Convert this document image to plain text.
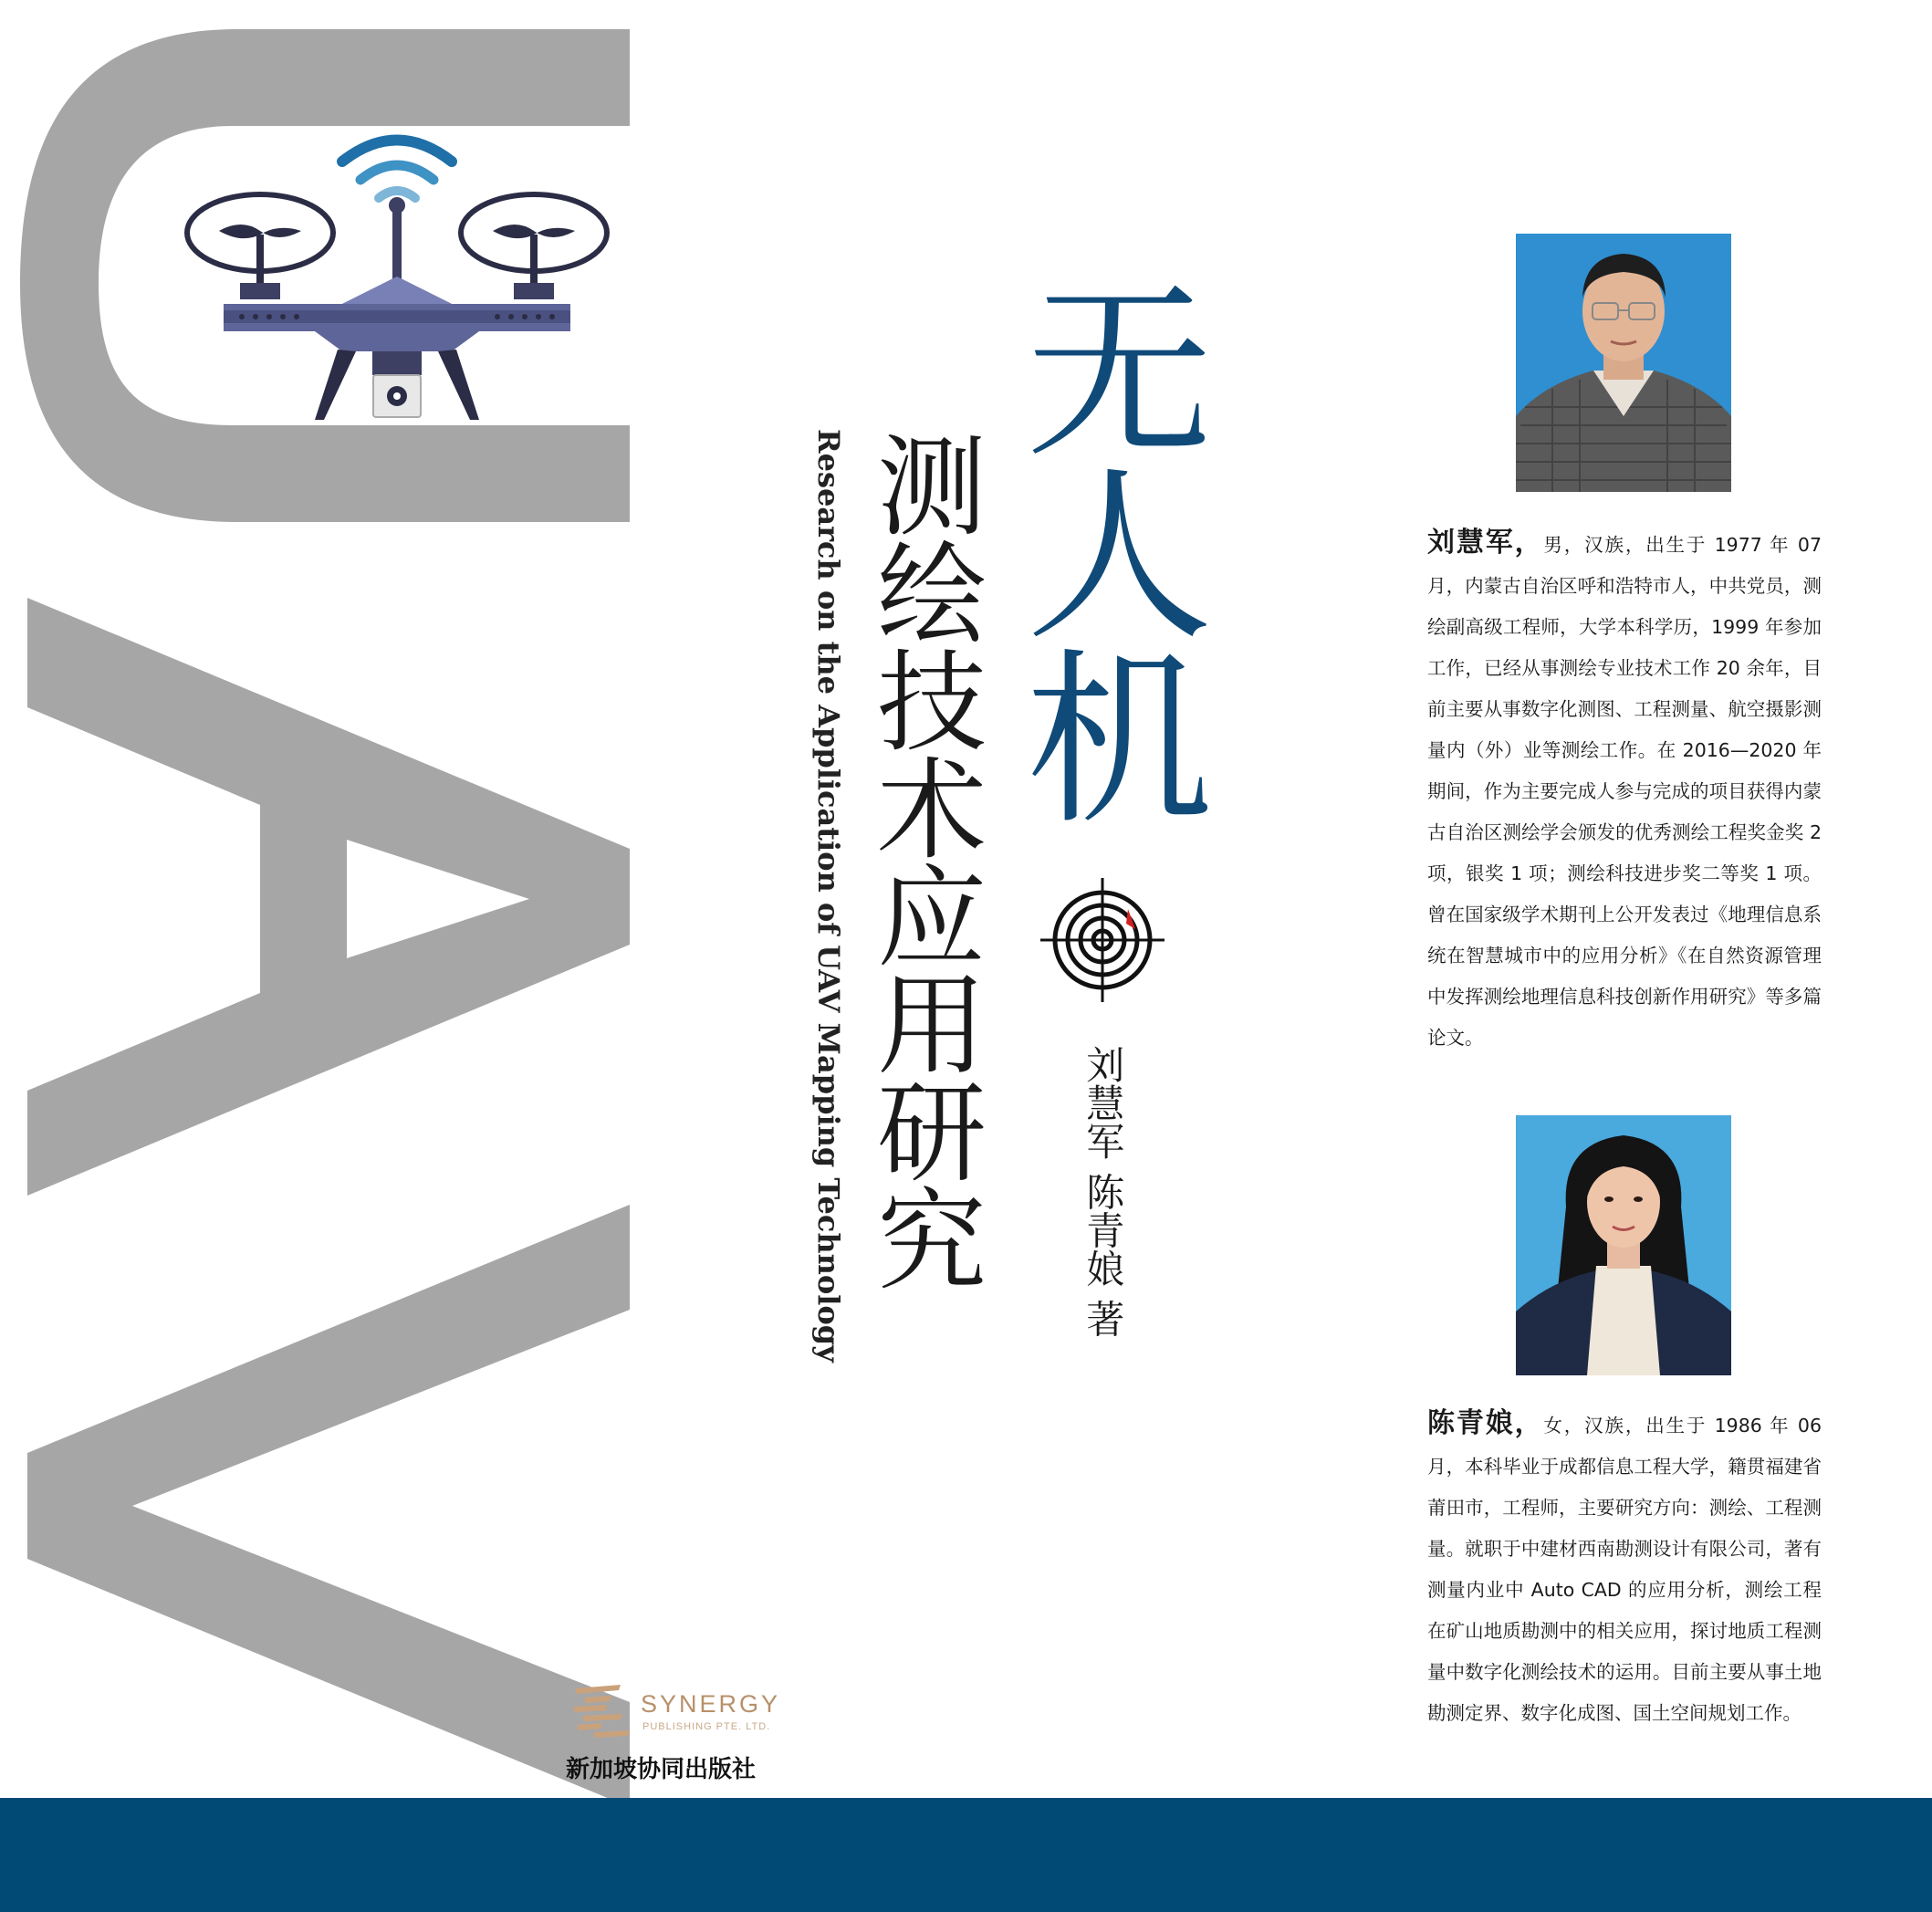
无人机
测绘技术应用研究
Research on the Application of UAV Mapping Technology	刘慧军 陈青娘 著
刘慧军，男，汉族，出生于 1977 年 07 月，内蒙古自治区呼和浩特市人，中共党员，测绘副高级工程师，大学本科学历，1999 年参加工作，已经从事测绘专业技术工作 20 余年，目前主要从事数字化测图、工程测量、航空摄影测量内（外）业等测绘工作。在 2016—2020 年期间，作为主要完成人参与完成的项目获得内蒙古自治区测绘学会颁发的优秀测绘工程奖金奖 2 项，银奖 1 项；测绘科技进步奖二等奖 1 项。曾在国家级学术期刊上公开发表过《地理信息系统在智慧城市中的应用分析》《在自然资源管理中发挥测绘地理信息科技创新作用研究》等多篇论文。
陈青娘，女，汉族，出生于 1986 年 06 月，本科毕业于成都信息工程大学，籍贯福建省莆田市，工程师，主要研究方向：测绘、工程测量。就职于中建材西南勘测设计有限公司，著有测量内业中 Auto CAD 的应用分析，测绘工程在矿山地质勘测中的相关应用，探讨地质工程测量中数字化测绘技术的运用。目前主要从事土地勘测定界、数字化成图、国土空间规划工作。
SYNERGY
PUBLISHING PTE. LTD.
新加坡协同出版社
